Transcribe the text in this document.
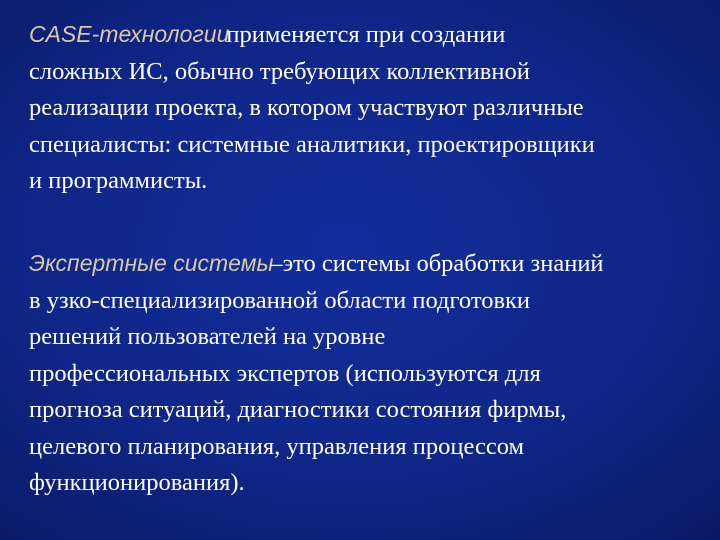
CASE-технологииприменяется при создании
сложных ИС, обычно требующих коллективной
реализации проекта, в котором участвуют различные
специалисты: системные аналитики, проектировщики
и программисты.

Экспертные системы–это системы обработки знаний
в узко-специализированной области подготовки
решений пользователей на уровне
профессиональных экспертов (используются для
прогноза ситуаций, диагностики состояния фирмы,
целевого планирования, управления процессом
функционирования).
